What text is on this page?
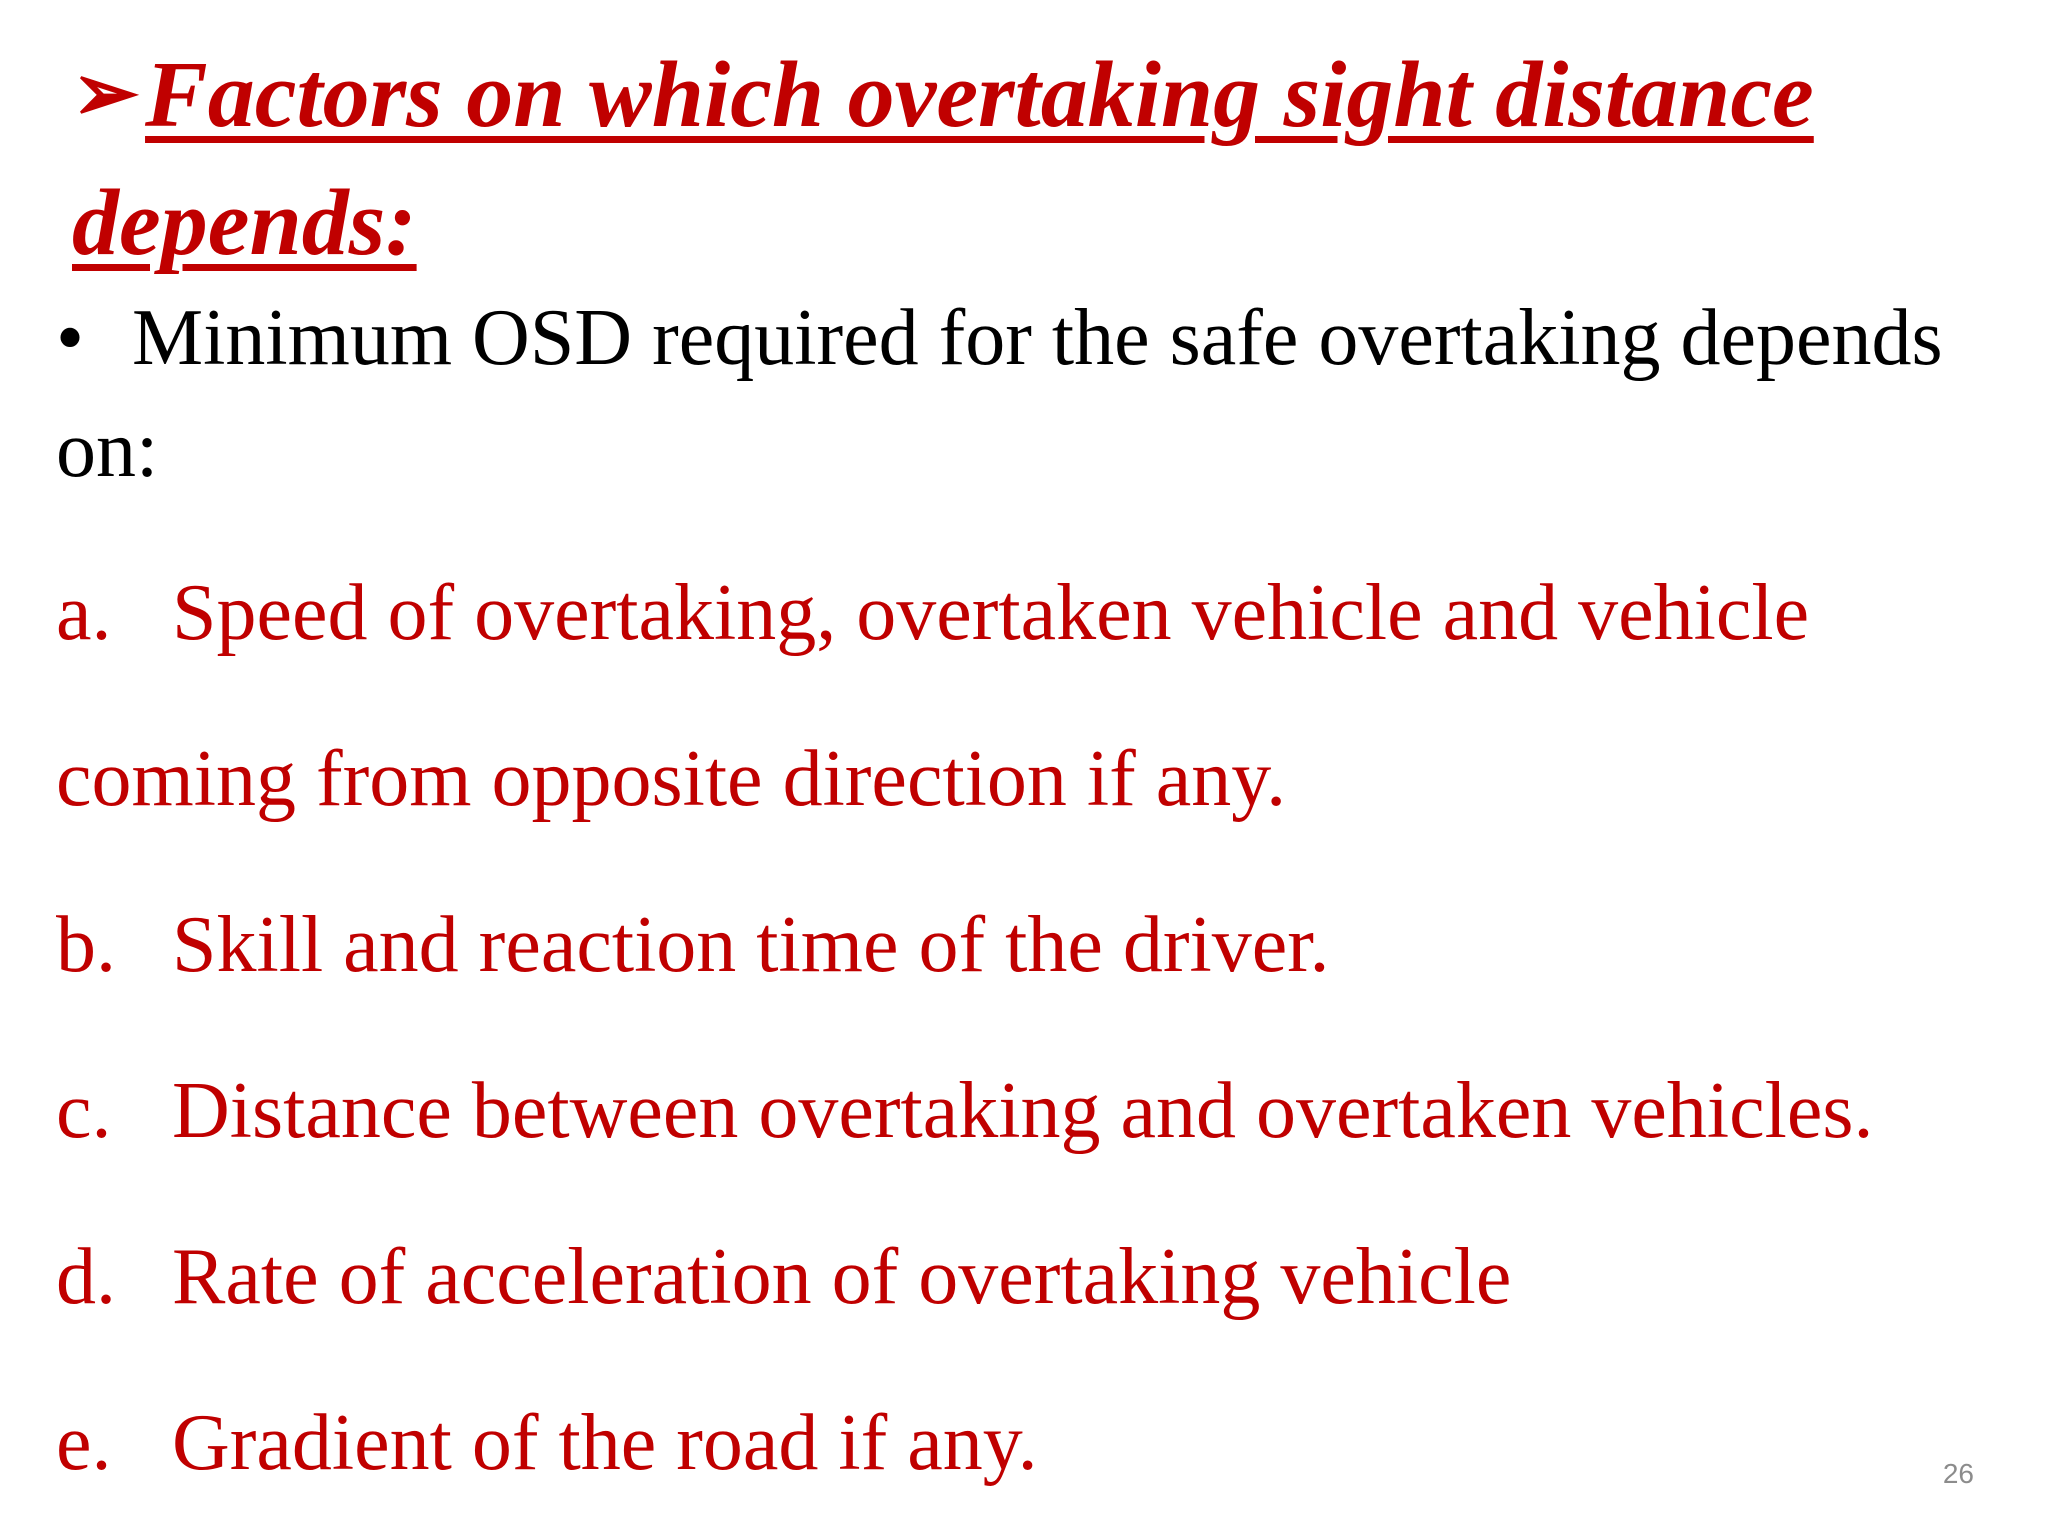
➢Factors on which overtaking sight distance depends:

• Minimum OSD required for the safe overtaking depends on:

a. Speed of overtaking, overtaken vehicle and vehicle
coming from opposite direction if any.
b. Skill and reaction time of the driver.
c. Distance between overtaking and overtaken vehicles.
d. Rate of acceleration of overtaking vehicle
e. Gradient of the road if any.	26
